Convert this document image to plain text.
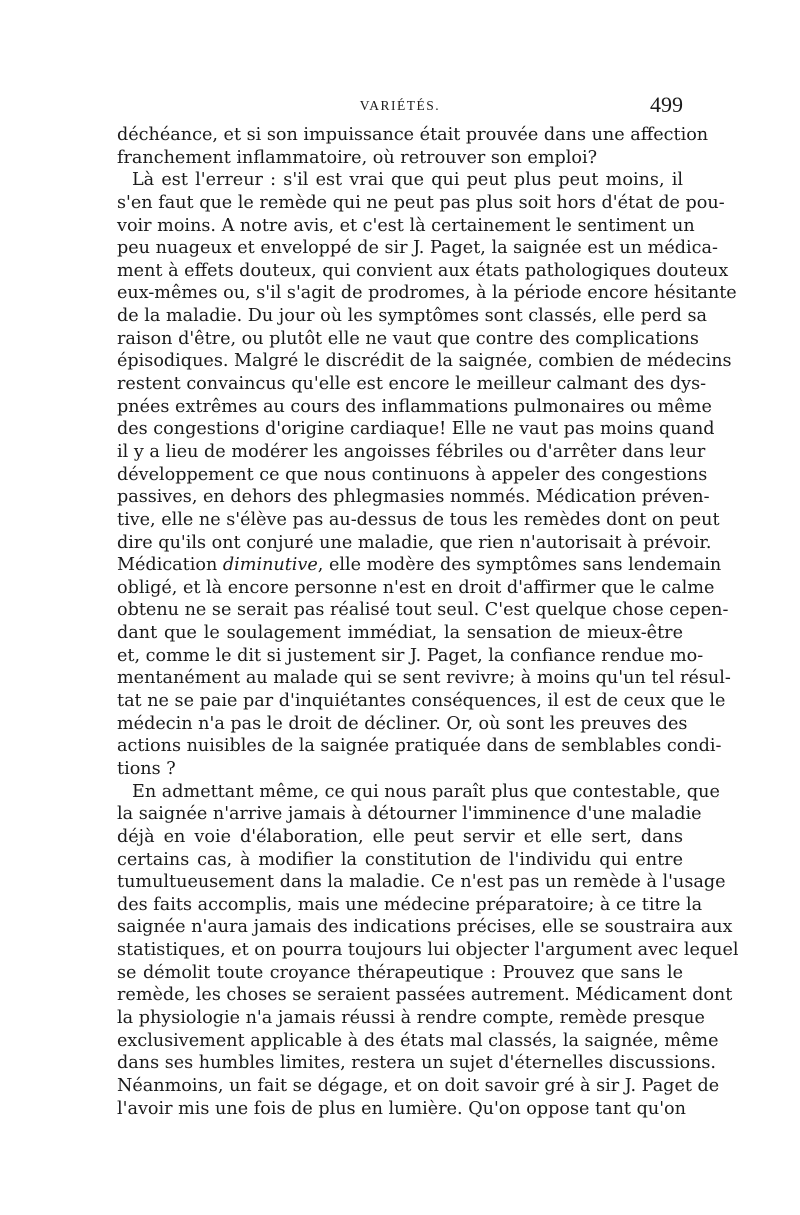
VARIÉTÉS.	499
déchéance, et si son impuissance était prouvée dans une affection
franchement inflammatoire, où retrouver son emploi?
Là est l'erreur : s'il est vrai que qui peut plus peut moins, il
s'en faut que le remède qui ne peut pas plus soit hors d'état de pou-
voir moins. A notre avis, et c'est là certainement le sentiment un
peu nuageux et enveloppé de sir J. Paget, la saignée est un médica-
ment à effets douteux, qui convient aux états pathologiques douteux
eux-mêmes ou, s'il s'agit de prodromes, à la période encore hésitante
de la maladie. Du jour où les symptômes sont classés, elle perd sa
raison d'être, ou plutôt elle ne vaut que contre des complications
épisodiques. Malgré le discrédit de la saignée, combien de médecins
restent convaincus qu'elle est encore le meilleur calmant des dys-
pnées extrêmes au cours des inflammations pulmonaires ou même
des congestions d'origine cardiaque! Elle ne vaut pas moins quand
il y a lieu de modérer les angoisses fébriles ou d'arrêter dans leur
développement ce que nous continuons à appeler des congestions
passives, en dehors des phlegmasies nommés. Médication préven-
tive, elle ne s'élève pas au-dessus de tous les remèdes dont on peut
dire qu'ils ont conjuré une maladie, que rien n'autorisait à prévoir.
Médication diminutive, elle modère des symptômes sans lendemain
obligé, et là encore personne n'est en droit d'affirmer que le calme
obtenu ne se serait pas réalisé tout seul. C'est quelque chose cepen-
dant que le soulagement immédiat, la sensation de mieux-être
et, comme le dit si justement sir J. Paget, la confiance rendue mo-
mentanément au malade qui se sent revivre; à moins qu'un tel résul-
tat ne se paie par d'inquiétantes conséquences, il est de ceux que le
médecin n'a pas le droit de décliner. Or, où sont les preuves des
actions nuisibles de la saignée pratiquée dans de semblables condi-
tions ?
En admettant même, ce qui nous paraît plus que contestable, que
la saignée n'arrive jamais à détourner l'imminence d'une maladie
déjà en voie d'élaboration, elle peut servir et elle sert, dans
certains cas, à modifier la constitution de l'individu qui entre
tumultueusement dans la maladie. Ce n'est pas un remède à l'usage
des faits accomplis, mais une médecine préparatoire; à ce titre la
saignée n'aura jamais des indications précises, elle se soustraira aux
statistiques, et on pourra toujours lui objecter l'argument avec lequel
se démolit toute croyance thérapeutique : Prouvez que sans le
remède, les choses se seraient passées autrement. Médicament dont
la physiologie n'a jamais réussi à rendre compte, remède presque
exclusivement applicable à des états mal classés, la saignée, même
dans ses humbles limites, restera un sujet d'éternelles discussions.
Néanmoins, un fait se dégage, et on doit savoir gré à sir J. Paget de
l'avoir mis une fois de plus en lumière. Qu'on oppose tant qu'on
